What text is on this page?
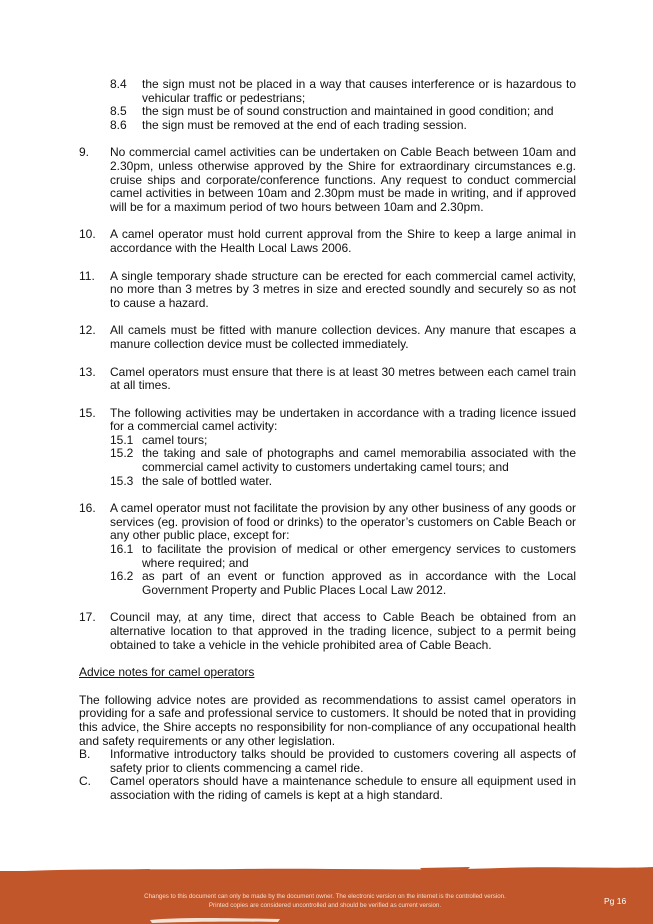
8.4 the sign must not be placed in a way that causes interference or is hazardous to vehicular traffic or pedestrians;
8.5 the sign must be of sound construction and maintained in good condition; and
8.6 the sign must be removed at the end of each trading session.
9. No commercial camel activities can be undertaken on Cable Beach between 10am and 2.30pm, unless otherwise approved by the Shire for extraordinary circumstances e.g. cruise ships and corporate/conference functions. Any request to conduct commercial camel activities in between 10am and 2.30pm must be made in writing, and if approved will be for a maximum period of two hours between 10am and 2.30pm.
10. A camel operator must hold current approval from the Shire to keep a large animal in accordance with the Health Local Laws 2006.
11. A single temporary shade structure can be erected for each commercial camel activity, no more than 3 metres by 3 metres in size and erected soundly and securely so as not to cause a hazard.
12. All camels must be fitted with manure collection devices. Any manure that escapes a manure collection device must be collected immediately.
13. Camel operators must ensure that there is at least 30 metres between each camel train at all times.
15. The following activities may be undertaken in accordance with a trading licence issued for a commercial camel activity:
15.1 camel tours;
15.2 the taking and sale of photographs and camel memorabilia associated with the commercial camel activity to customers undertaking camel tours; and
15.3 the sale of bottled water.
16. A camel operator must not facilitate the provision by any other business of any goods or services (eg. provision of food or drinks) to the operator’s customers on Cable Beach or any other public place, except for:
16.1 to facilitate the provision of medical or other emergency services to customers where required; and
16.2 as part of an event or function approved as in accordance with the Local Government Property and Public Places Local Law 2012.
17. Council may, at any time, direct that access to Cable Beach be obtained from an alternative location to that approved in the trading licence, subject to a permit being obtained to take a vehicle in the vehicle prohibited area of Cable Beach.
Advice notes for camel operators
The following advice notes are provided as recommendations to assist camel operators in providing for a safe and professional service to customers. It should be noted that in providing this advice, the Shire accepts no responsibility for non-compliance of any occupational health and safety requirements or any other legislation.
B. Informative introductory talks should be provided to customers covering all aspects of safety prior to clients commencing a camel ride.
C. Camel operators should have a maintenance schedule to ensure all equipment used in association with the riding of camels is kept at a high standard.
Changes to this document can only be made by the document owner. The electronic version on the internet is the controlled version.
Printed copies are considered uncontrolled and should be verified as current version.	Pg 16
